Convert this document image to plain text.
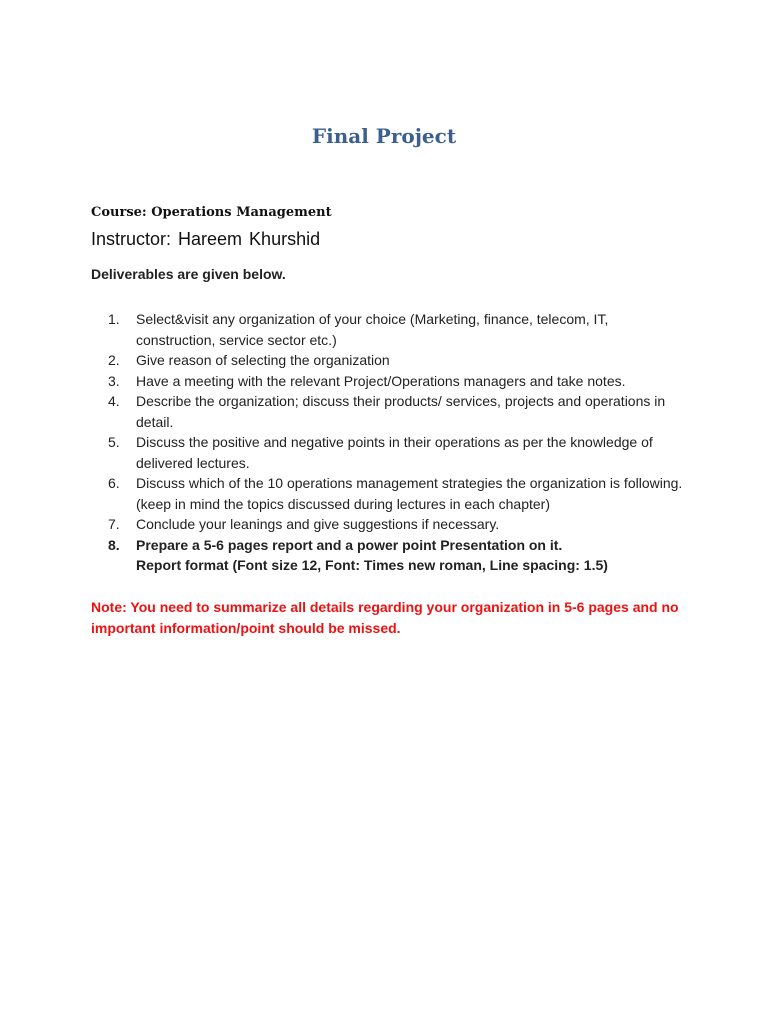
Final Project

Course: Operations Management

Instructor: Hareem Khurshid

Deliverables are given below.

1.	Select&visit any organization of your choice (Marketing, finance, telecom, IT, construction, service sector etc.)
2.	Give reason of selecting the organization
3.	Have a meeting with the relevant Project/Operations managers and take notes.
4.	Describe the organization; discuss their products/ services, projects and operations in detail.
5.	Discuss the positive and negative points in their operations as per the knowledge of delivered lectures.
6.	Discuss which of the 10 operations management strategies the organization is following.(keep in mind the topics discussed during lectures in each chapter)
7.	Conclude your leanings and give suggestions if necessary.
8.	Prepare a 5-6 pages report and a power point Presentation on it.
Report format (Font size 12, Font: Times new roman, Line spacing: 1.5)

Note: You need to summarize all details regarding your organization in 5-6 pages and no important information/point should be missed.
